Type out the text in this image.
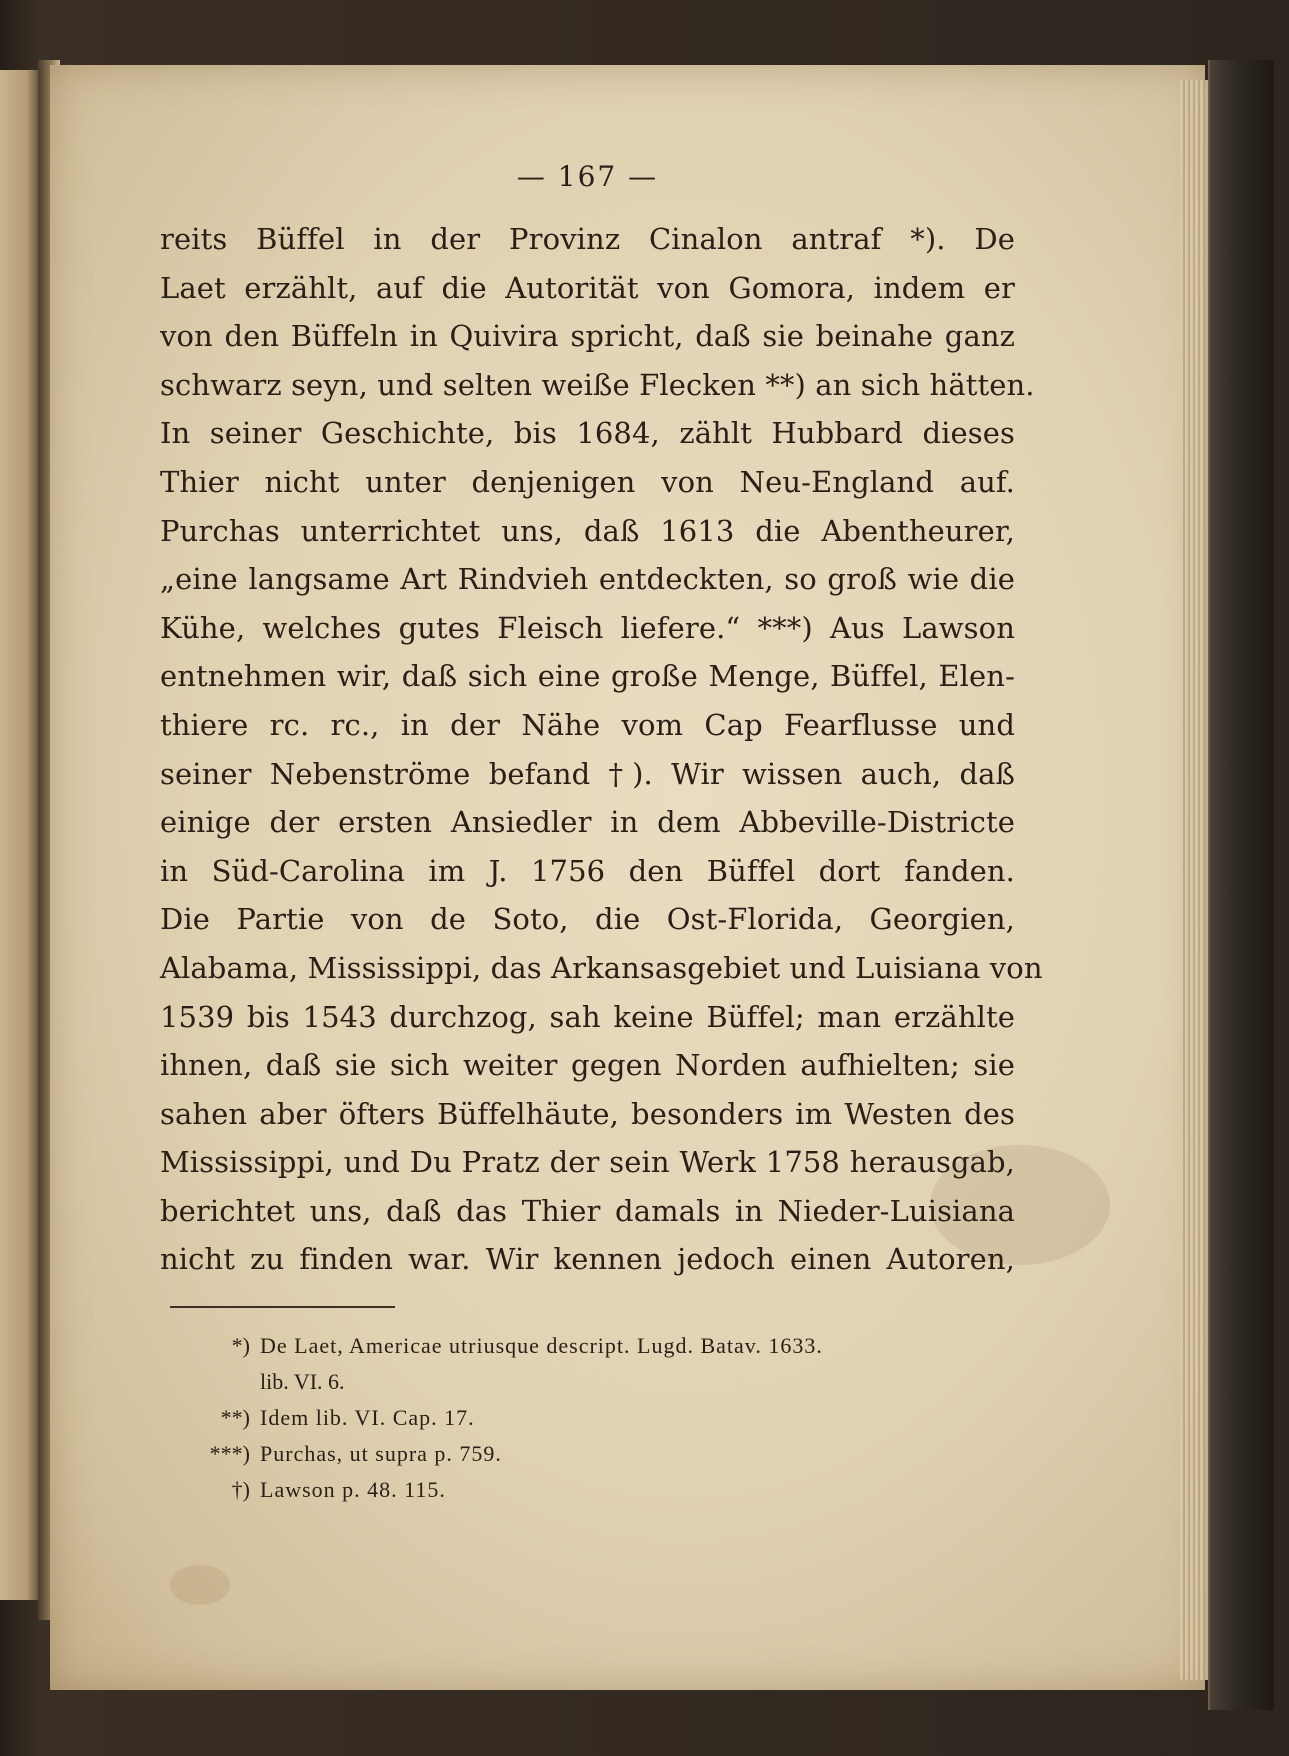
— 167 —
reits Büffel in der Provinz Cinalon antraf *). De
Laet erzählt, auf die Autorität von Gomora, indem er
von den Büffeln in Quivira spricht, daß sie beinahe ganz
schwarz seyn, und selten weiße Flecken **) an sich hätten.
In seiner Geschichte, bis 1684, zählt Hubbard dieses
Thier nicht unter denjenigen von Neu-England auf.
Purchas unterrichtet uns, daß 1613 die Abentheurer,
„eine langsame Art Rindvieh entdeckten, so groß wie die
Kühe, welches gutes Fleisch liefere.“ ***) Aus Lawson
entnehmen wir, daß sich eine große Menge, Büffel, Elen-
thiere rc. rc., in der Nähe vom Cap Fearflusse und
seiner Nebenströme befand †). Wir wissen auch, daß
einige der ersten Ansiedler in dem Abbeville-Districte
in Süd-Carolina im J. 1756 den Büffel dort fanden.
Die Partie von de Soto, die Ost-Florida, Georgien,
Alabama, Mississippi, das Arkansasgebiet und Luisiana von
1539 bis 1543 durchzog, sah keine Büffel; man erzählte
ihnen, daß sie sich weiter gegen Norden aufhielten; sie
sahen aber öfters Büffelhäute, besonders im Westen des
Mississippi, und Du Pratz der sein Werk 1758 herausgab,
berichtet uns, daß das Thier damals in Nieder-Luisiana
nicht zu finden war. Wir kennen jedoch einen Autoren,
*) De Laet, Americae utriusque descript. Lugd. Batav. 1633.
lib. VI. 6.
**) Idem lib. VI. Cap. 17.
***) Purchas, ut supra p. 759.
†) Lawson p. 48. 115.
